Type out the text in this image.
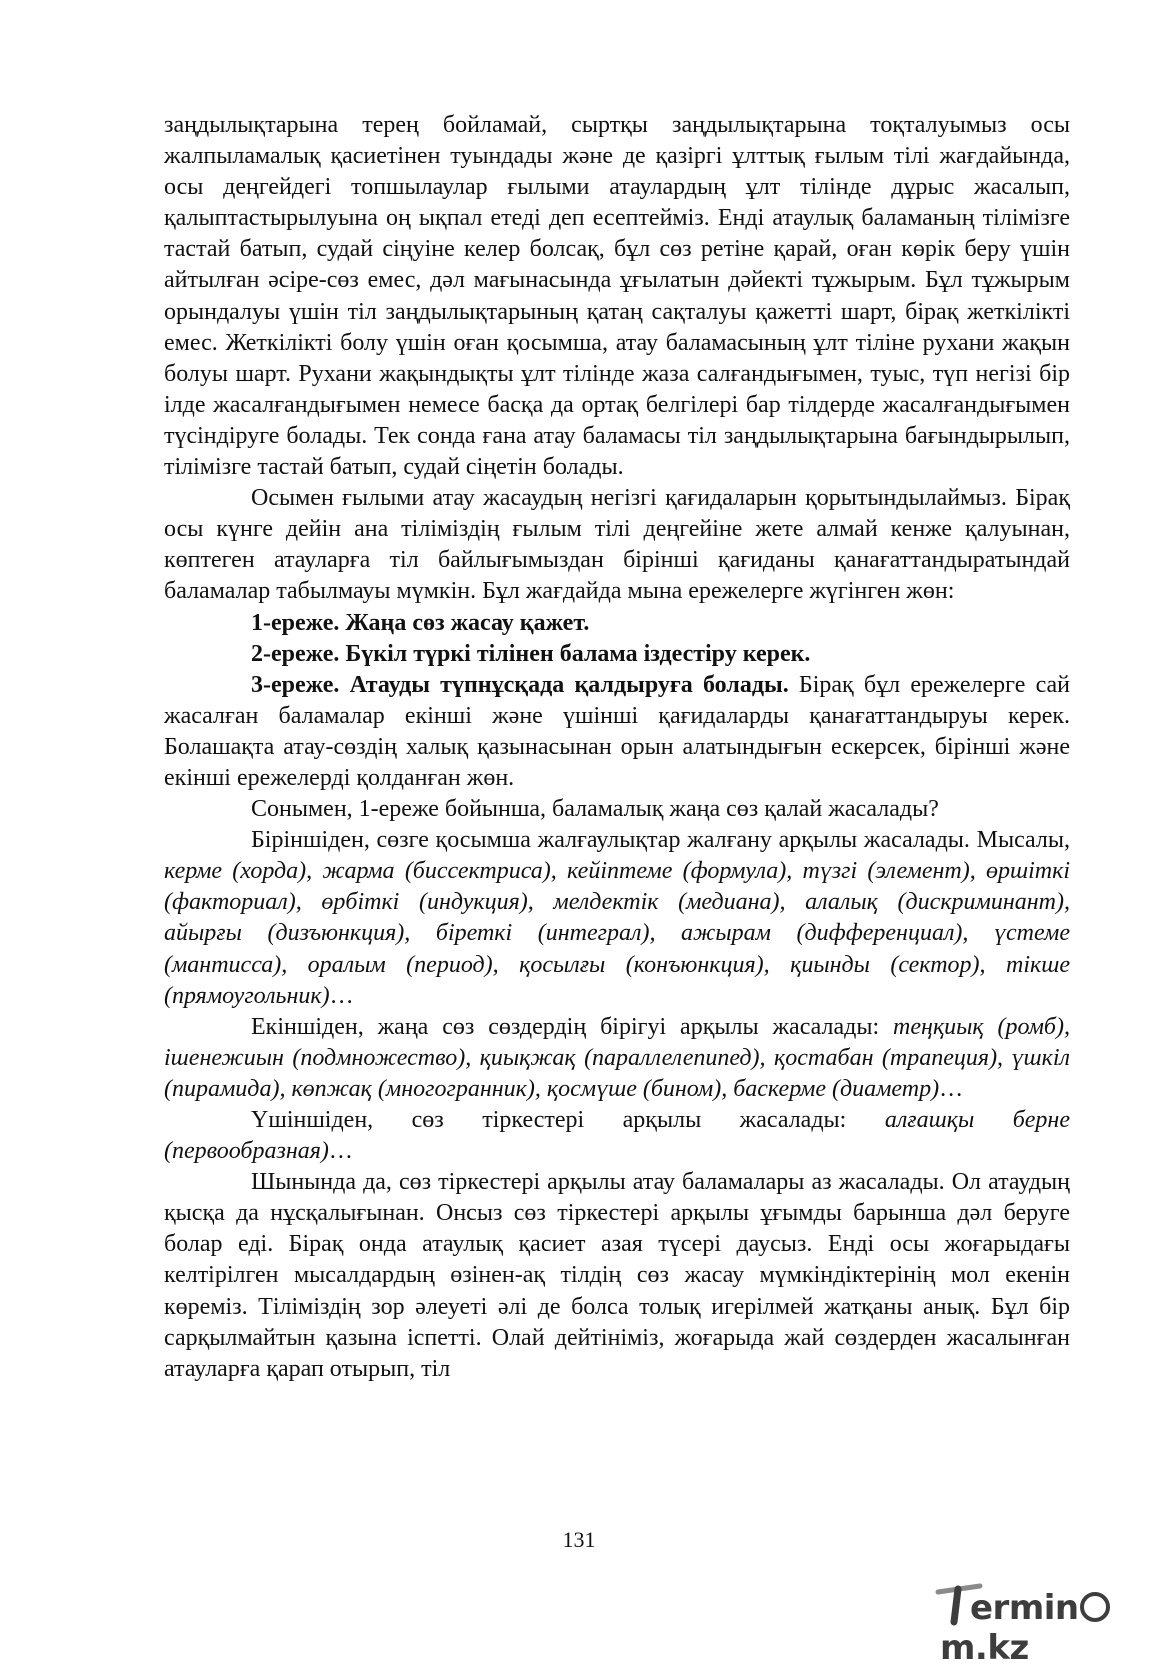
заңдылықтарына терең бойламай, сыртқы заңдылықтарына тоқталуымыз осы жалпыламалық қасиетінен туындады және де қазіргі ұлттық ғылым тілі жағдайында, осы деңгейдегі топшылаулар ғылыми атаулардың ұлт тілінде дұрыс жасалып, қалыптастырылуына оң ықпал етеді деп есептейміз. Енді атаулық баламаның тілімізге тастай батып, судай сіңуіне келер болсақ, бұл сөз ретіне қарай, оған көрік беру үшін айтылған әсіре-сөз емес, дәл мағынасында ұғылатын дәйекті тұжырым. Бұл тұжырым орындалуы үшін тіл заңдылықтарының қатаң сақталуы қажетті шарт, бірақ жеткілікті емес. Жеткілікті болу үшін оған қосымша, атау баламасының ұлт тіліне рухани жақын болуы шарт. Рухани жақындықты ұлт тілінде жаза салғандығымен, туыс, түп негізі бір ілде жасалғандығымен немесе басқа да ортақ белгілері бар тілдерде жасалғандығымен түсіндіруге болады. Тек сонда ғана атау баламасы тіл заңдылықтарына бағындырылып, тілімізге тастай батып, судай сіңетін болады.

Осымен ғылыми атау жасаудың негізгі қағидаларын қорытындылаймыз. Бірақ осы күнге дейін ана тіліміздің ғылым тілі деңгейіне жете алмай кенже қалуынан, көптеген атауларға тіл байлығымыздан бірінші қағиданы қанағаттандыратындай баламалар табылмауы мүмкін. Бұл жағдайда мына ережелерге жүгінген жөн:

1-ереже. Жаңа сөз жасау қажет.

2-ереже. Бүкіл түркі тілінен балама іздестіру керек.

3-ереже. Атауды түпнұсқада қалдыруға болады. Бірақ бұл ережелерге сай жасалған баламалар екінші және үшінші қағидаларды қанағаттандыруы керек. Болашақта атау-сөздің халық қазынасынан орын алатындығын ескерсек, бірінші және екінші ережелерді қолданған жөн.

Сонымен, 1-ереже бойынша, баламалық жаңа сөз қалай жасалады?

Біріншіден, сөзге қосымша жалғаулықтар жалғану арқылы жасалады. Мысалы, керме (хорда), жарма (биссектриса), кейіптеме (формула), түзгі (элемент), өршіткі (факториал), өрбіткі (индукция), мелдектік (медиана), алалық (дискриминант), айырғы (дизъюнкция), біреткі (интеграл), ажырам (дифференциал), үстеме (мантисса), оралым (период), қосылғы (конъюнкция), қиынды (сектор), тікше (прямоугольник)…

Екіншіден, жаңа сөз сөздердің бірігуі арқылы жасалады: теңқиық (ромб), ішенежиын (подмножество), қиықжақ (параллелепипед), қостабан (трапеция), үшкіл (пирамида), көпжақ (многогранник), қосмүше (бином), баскерме (диаметр)…

Үшіншіден, сөз тіркестері арқылы жасалады: алғашқы берне (первообразная)…

Шынында да, сөз тіркестері арқылы атау баламалары аз жасалады. Ол атаудың қысқа да нұсқалығынан. Онсыз сөз тіркестері арқылы ұғымды барынша дәл беруге болар еді. Бірақ онда атаулық қасиет азая түсері даусыз. Енді осы жоғарыдағы келтірілген мысалдардың өзінен-ақ тілдің сөз жасау мүмкіндіктерінің мол екенін көреміз. Тіліміздің зор әлеуеті әлі де болса толық игерілмей жатқаны анық. Бұл бір сарқылмайтын қазына іспетті. Олай дейтініміз, жоғарыда жай сөздерден жасалынған атауларға қарап отырып, тіл

131
erminm.kz
